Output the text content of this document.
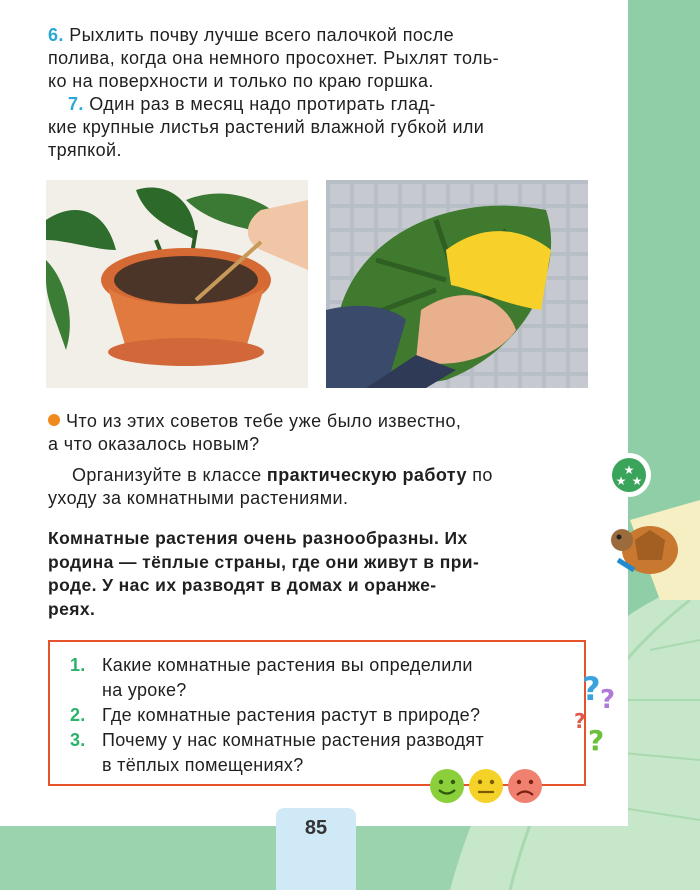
6. Рыхлить почву лучше всего палочкой после
полива, когда она немного просохнет. Рыхлят толь-
ко на поверхности и только по краю горшка.
7. Один раз в месяц надо протирать глад-
кие крупные листья растений влажной губкой или
тряпкой.
Что из этих советов тебе уже было известно,
а что оказалось новым?
Организуйте в классе практическую работу по
уходу за комнатными растениями.
Комнатные растения очень разнообразны. Их
родина — тёплые страны, где они живут в при-
роде. У нас их разводят в домах и оранже-
реях.
1. Какие комнатные растения вы определили
на уроке?
2. Где комнатные растения растут в природе?
3. Почему у нас комнатные растения разводят
в тёплых помещениях?
★
★ ★
? ?
?
?
85
